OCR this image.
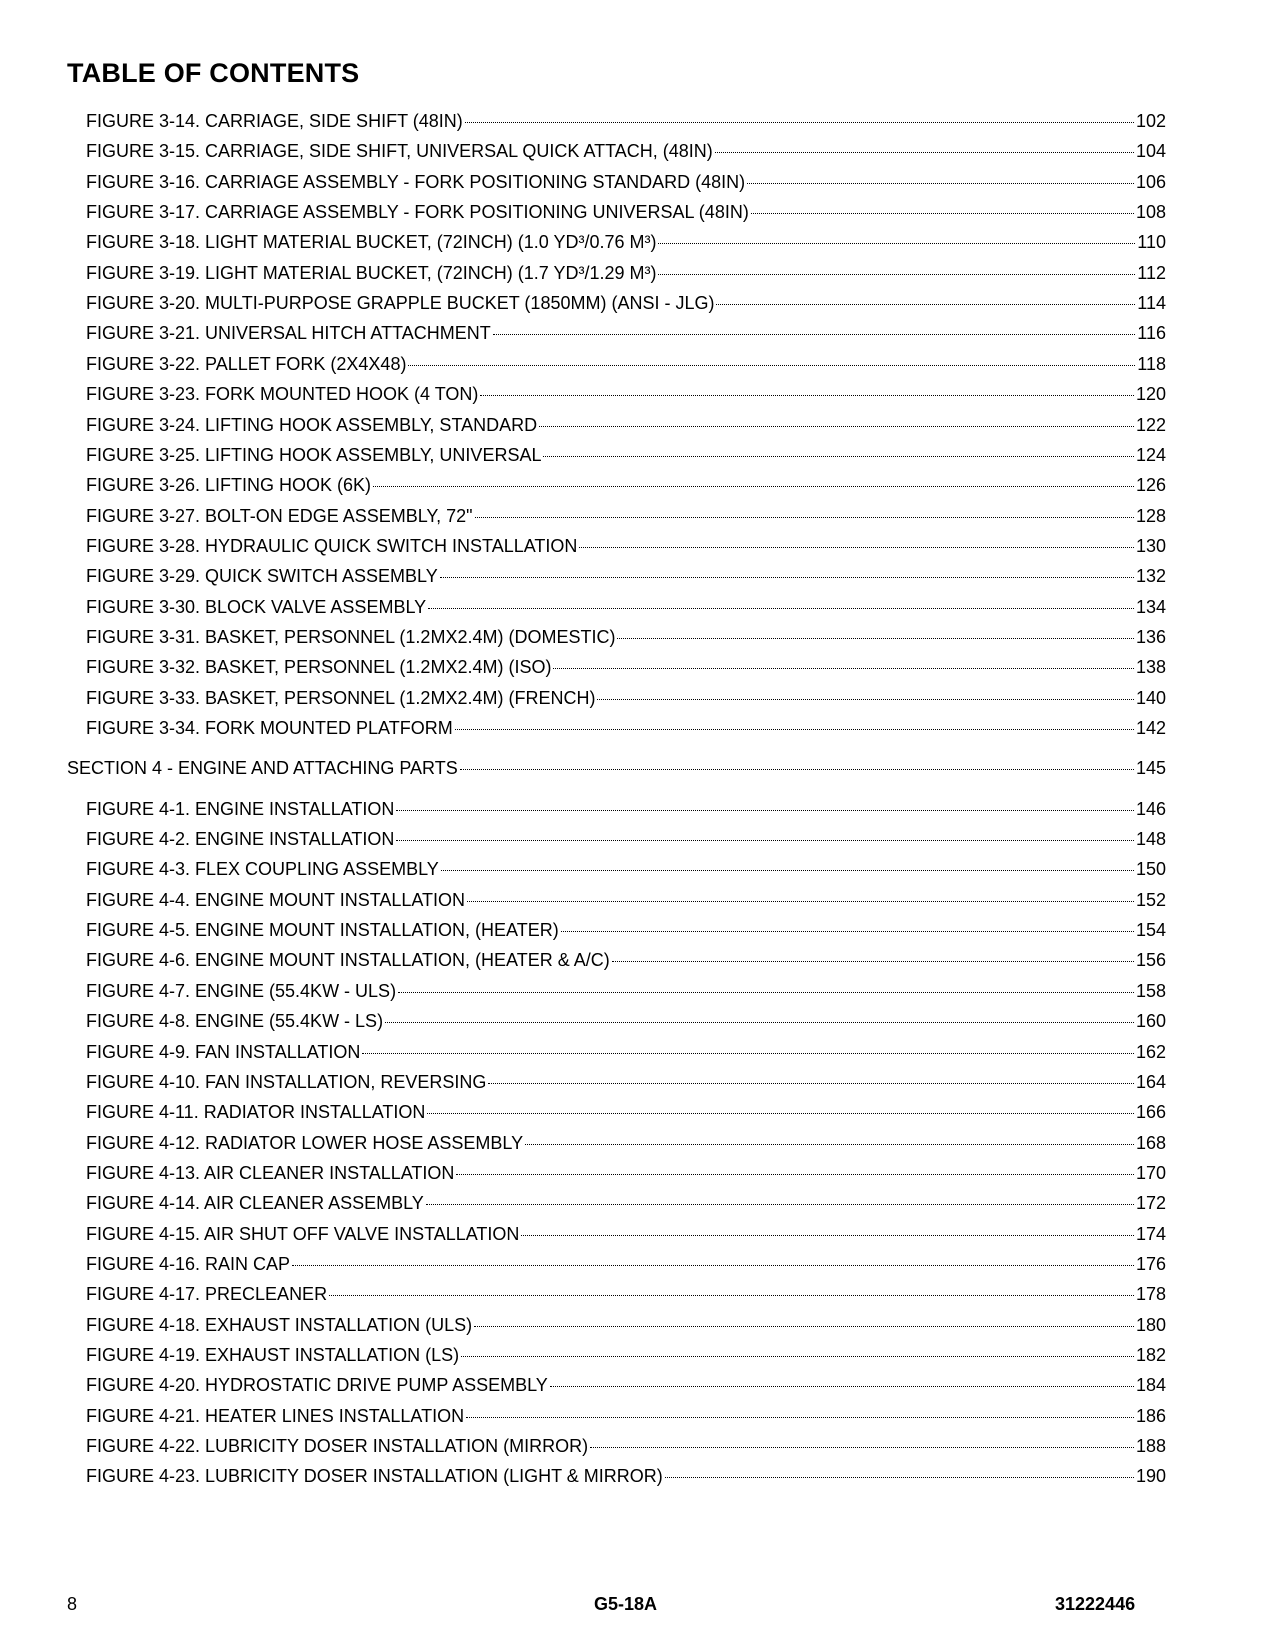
TABLE OF CONTENTS
FIGURE 3-14. CARRIAGE, SIDE SHIFT (48IN)	102
FIGURE 3-15. CARRIAGE, SIDE SHIFT, UNIVERSAL QUICK ATTACH, (48IN)	104
FIGURE 3-16. CARRIAGE ASSEMBLY - FORK POSITIONING STANDARD (48IN)	106
FIGURE 3-17. CARRIAGE ASSEMBLY - FORK POSITIONING UNIVERSAL (48IN)	108
FIGURE 3-18. LIGHT MATERIAL BUCKET, (72INCH) (1.0 YD³/0.76 M³)	110
FIGURE 3-19. LIGHT MATERIAL BUCKET, (72INCH) (1.7 YD³/1.29 M³)	112
FIGURE 3-20. MULTI-PURPOSE GRAPPLE BUCKET (1850MM) (ANSI - JLG)	114
FIGURE 3-21. UNIVERSAL HITCH ATTACHMENT	116
FIGURE 3-22. PALLET FORK (2X4X48)	118
FIGURE 3-23. FORK MOUNTED HOOK (4 TON)	120
FIGURE 3-24. LIFTING HOOK ASSEMBLY, STANDARD	122
FIGURE 3-25. LIFTING HOOK ASSEMBLY, UNIVERSAL	124
FIGURE 3-26. LIFTING HOOK (6K)	126
FIGURE 3-27. BOLT-ON EDGE ASSEMBLY, 72"	128
FIGURE 3-28. HYDRAULIC QUICK SWITCH INSTALLATION	130
FIGURE 3-29. QUICK SWITCH ASSEMBLY	132
FIGURE 3-30. BLOCK VALVE ASSEMBLY	134
FIGURE 3-31. BASKET, PERSONNEL (1.2MX2.4M) (DOMESTIC)	136
FIGURE 3-32. BASKET, PERSONNEL (1.2MX2.4M) (ISO)	138
FIGURE 3-33. BASKET, PERSONNEL (1.2MX2.4M) (FRENCH)	140
FIGURE 3-34. FORK MOUNTED PLATFORM	142
SECTION 4 - ENGINE AND ATTACHING PARTS	145
FIGURE 4-1. ENGINE INSTALLATION	146
FIGURE 4-2. ENGINE INSTALLATION	148
FIGURE 4-3. FLEX COUPLING ASSEMBLY	150
FIGURE 4-4. ENGINE MOUNT INSTALLATION	152
FIGURE 4-5. ENGINE MOUNT INSTALLATION, (HEATER)	154
FIGURE 4-6. ENGINE MOUNT INSTALLATION, (HEATER & A/C)	156
FIGURE 4-7. ENGINE (55.4KW - ULS)	158
FIGURE 4-8. ENGINE (55.4KW - LS)	160
FIGURE 4-9. FAN INSTALLATION	162
FIGURE 4-10. FAN INSTALLATION, REVERSING	164
FIGURE 4-11. RADIATOR INSTALLATION	166
FIGURE 4-12. RADIATOR LOWER HOSE ASSEMBLY	168
FIGURE 4-13. AIR CLEANER INSTALLATION	170
FIGURE 4-14. AIR CLEANER ASSEMBLY	172
FIGURE 4-15. AIR SHUT OFF VALVE INSTALLATION	174
FIGURE 4-16. RAIN CAP	176
FIGURE 4-17. PRECLEANER	178
FIGURE 4-18. EXHAUST INSTALLATION (ULS)	180
FIGURE 4-19. EXHAUST INSTALLATION (LS)	182
FIGURE 4-20. HYDROSTATIC DRIVE PUMP ASSEMBLY	184
FIGURE 4-21. HEATER LINES INSTALLATION	186
FIGURE 4-22. LUBRICITY DOSER INSTALLATION (MIRROR)	188
FIGURE 4-23. LUBRICITY DOSER INSTALLATION (LIGHT & MIRROR)	190
8	G5-18A	31222446
